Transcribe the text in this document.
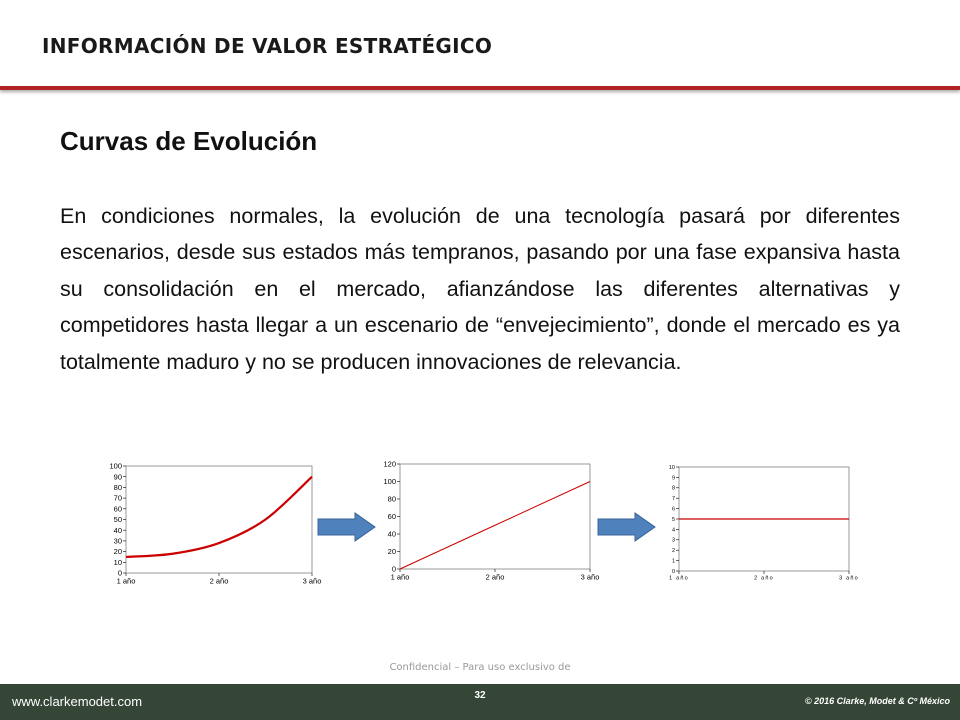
INFORMACIÓN DE VALOR ESTRATÉGICO
Curvas de Evolución

En condiciones normales, la evolución de una tecnología pasará por diferentes escenarios, desde sus estados más tempranos, pasando por una fase expansiva hasta su consolidación en el mercado, afianzándose las diferentes alternativas y competidores hasta llegar a un escenario de “envejecimiento”, donde el mercado es ya totalmente maduro y no se producen innovaciones de relevancia.

0
10
20
30
40
50
60
70
80
90
100
1 año	2 año	3 año
0
20
40
60
80
100
120
1 año	2 año	3 año
0
1
2
3
4
5
6
7
8
9
10
1 año	2 año	3 año
Confidencial – Para uso exclusivo de
www.clarkemodet.com	32	© 2016 Clarke, Modet & Cº México
